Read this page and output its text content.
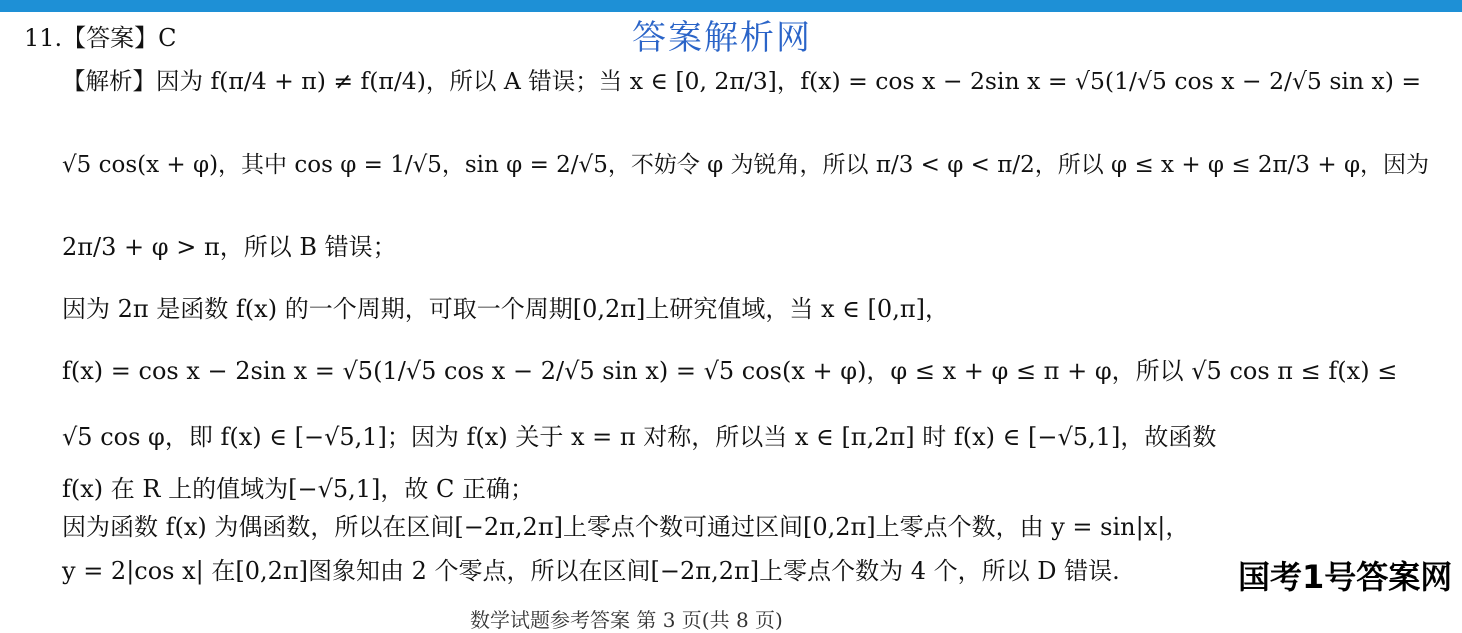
11.【答案】C	答案解析网
【解析】因为 f(π/4 + π) ≠ f(π/4)，所以 A 错误；当 x ∈ [0, 2π/3]，f(x) = cos x − 2sin x = √5(1/√5 cos x − 2/√5 sin x) =
√5 cos(x + φ)，其中 cos φ = 1/√5，sin φ = 2/√5，不妨令 φ 为锐角，所以 π/3 < φ < π/2，所以 φ ≤ x + φ ≤ 2π/3 + φ，因为
2π/3 + φ > π，所以 B 错误；
因为 2π 是函数 f(x) 的一个周期，可取一个周期[0,2π]上研究值域，当 x ∈ [0,π]，
f(x) = cos x − 2sin x = √5(1/√5 cos x − 2/√5 sin x) = √5 cos(x + φ)，φ ≤ x + φ ≤ π + φ，所以 √5 cos π ≤ f(x) ≤
√5 cos φ，即 f(x) ∈ [−√5,1]；因为 f(x) 关于 x = π 对称，所以当 x ∈ [π,2π] 时 f(x) ∈ [−√5,1]，故函数
f(x) 在 R 上的值域为[−√5,1]，故 C 正确；
因为函数 f(x) 为偶函数，所以在区间[−2π,2π]上零点个数可通过区间[0,2π]上零点个数，由 y = sin|x|，
y = 2|cos x| 在[0,2π]图象知由 2 个零点，所以在区间[−2π,2π]上零点个数为 4 个，所以 D 错误.	国考1号答案网
数学试题参考答案 第 3 页(共 8 页)
